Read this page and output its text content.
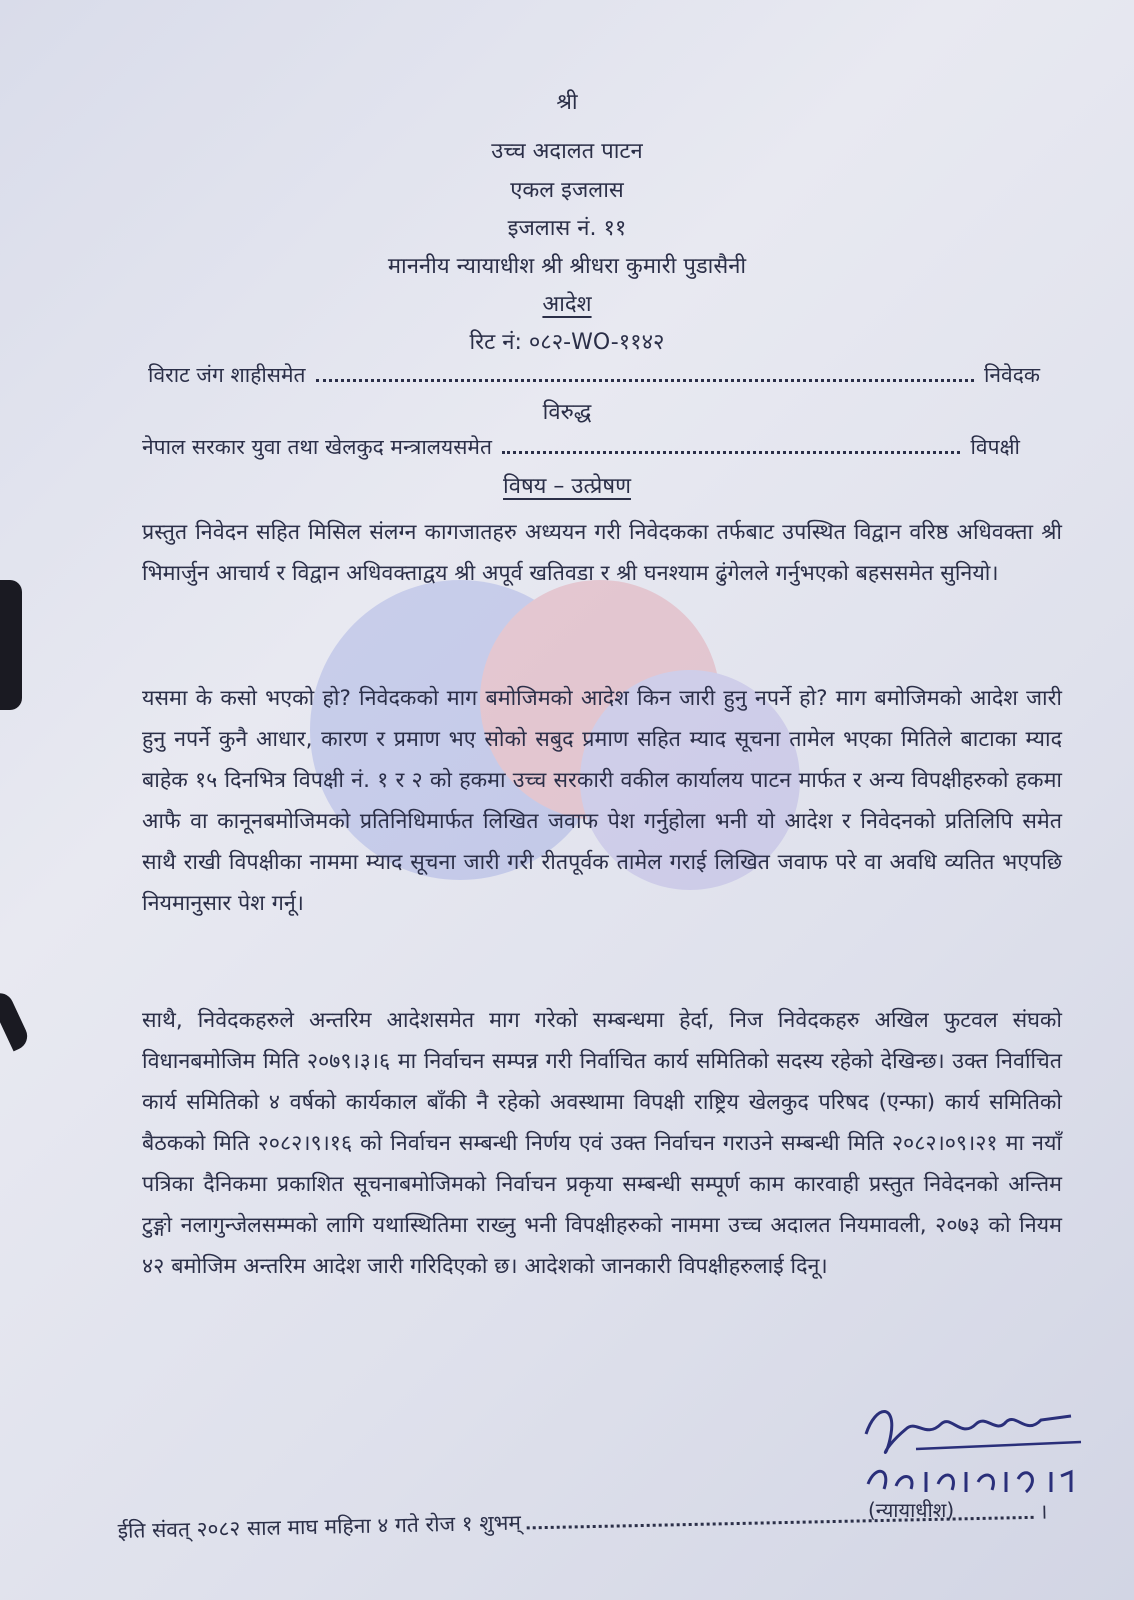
श्री
उच्च अदालत पाटन
एकल इजलास
इजलास नं. ११
माननीय न्यायाधीश श्री श्रीधरा कुमारी पुडासैनी
आदेश
रिट नं: ०८२-WO-११४२
विराट जंग शाहीसमेत	निवेदक
विरुद्ध
नेपाल सरकार युवा तथा खेलकुद मन्त्रालयसमेत	विपक्षी
विषय – उत्प्रेषण
प्रस्तुत निवेदन सहित मिसिल संलग्न कागजातहरु अध्ययन गरी निवेदकका तर्फबाट उपस्थित विद्वान वरिष्ठ अधिवक्ता श्री भिमार्जुन आचार्य र विद्वान अधिवक्ताद्वय श्री अपूर्व खतिवडा र श्री घनश्याम ढुंगेलले गर्नुभएको बहससमेत सुनियो।
यसमा के कसो भएको हो? निवेदकको माग बमोजिमको आदेश किन जारी हुनु नपर्ने हो? माग बमोजिमको आदेश जारी हुनु नपर्ने कुनै आधार, कारण र प्रमाण भए सोको सबुद प्रमाण सहित म्याद सूचना तामेल भएका मितिले बाटाका म्याद बाहेक १५ दिनभित्र विपक्षी नं. १ र २ को हकमा उच्च सरकारी वकील कार्यालय पाटन मार्फत र अन्य विपक्षीहरुको हकमा आफै वा कानूनबमोजिमको प्रतिनिधिमार्फत लिखित जवाफ पेश गर्नुहोला भनी यो आदेश र निवेदनको प्रतिलिपि समेत साथै राखी विपक्षीका नाममा म्याद सूचना जारी गरी रीतपूर्वक तामेल गराई लिखित जवाफ परे वा अवधि व्यतित भएपछि नियमानुसार पेश गर्नू।
साथै, निवेदकहरुले अन्तरिम आदेशसमेत माग गरेको सम्बन्धमा हेर्दा, निज निवेदकहरु अखिल फुटवल संघको विधानबमोजिम मिति २०७९।३।६ मा निर्वाचन सम्पन्न गरी निर्वाचित कार्य समितिको सदस्य रहेको देखिन्छ। उक्त निर्वाचित कार्य समितिको ४ वर्षको कार्यकाल बाँकी नै रहेको अवस्थामा विपक्षी राष्ट्रिय खेलकुद परिषद (एन्फा) कार्य समितिको बैठकको मिति २०८२।९।१६ को निर्वाचन सम्बन्धी निर्णय एवं उक्त निर्वाचन गराउने सम्बन्धी मिति २०८२।०९।२१ मा नयाँ पत्रिका दैनिकमा प्रकाशित सूचनाबमोजिमको निर्वाचन प्रकृया सम्बन्धी सम्पूर्ण काम कारवाही प्रस्तुत निवेदनको अन्तिम टुङ्गो नलागुन्जेलसम्मको लागि यथास्थितिमा राख्नु भनी विपक्षीहरुको नाममा उच्च अदालत नियमावली, २०७३ को नियम ४२ बमोजिम अन्तरिम आदेश जारी गरिदिएको छ। आदेशको जानकारी विपक्षीहरुलाई दिनू।
(न्यायाधीश)
ईति संवत् २०८२ साल माघ महिना ४ गते रोज १ शुभम्	।
